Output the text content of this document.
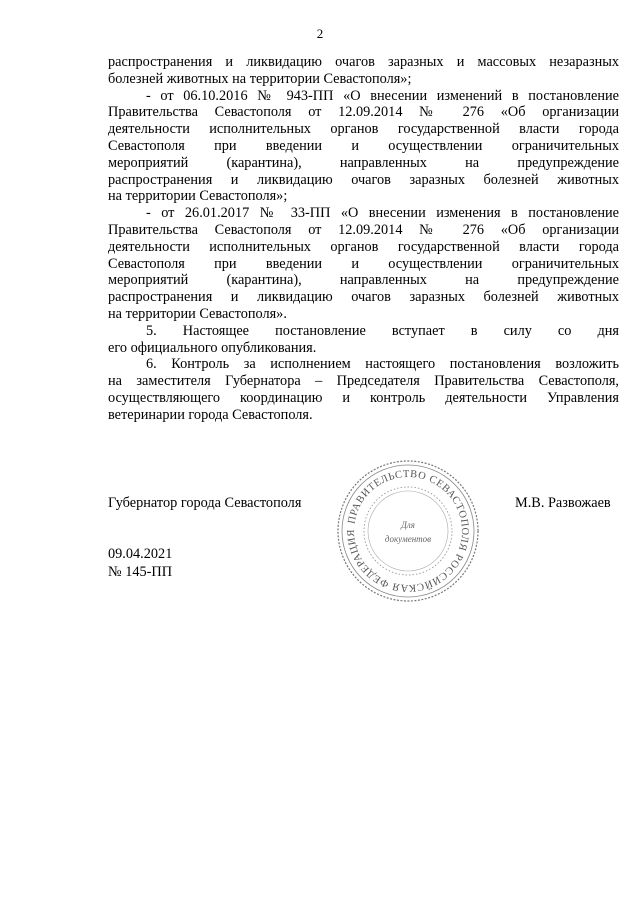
2
распространения и ликвидацию очагов заразных и массовых незаразных
болезней животных на территории Севастополя»;
- от 06.10.2016 № 943-ПП «О внесении изменений в постановление
Правительства Севастополя от 12.09.2014 № 276 «Об организации
деятельности исполнительных органов государственной власти города
Севастополя при введении и осуществлении ограничительных
мероприятий (карантина), направленных на предупреждение
распространения и ликвидацию очагов заразных болезней животных
на территории Севастополя»;
- от 26.01.2017 № 33-ПП «О внесении изменения в постановление
Правительства Севастополя от 12.09.2014 № 276 «Об организации
деятельности исполнительных органов государственной власти города
Севастополя при введении и осуществлении ограничительных
мероприятий (карантина), направленных на предупреждение
распространения и ликвидацию очагов заразных болезней животных
на территории Севастополя».
5. Настоящее постановление вступает в силу со дня
его официального опубликования.
6. Контроль за исполнением настоящего постановления возложить
на заместителя Губернатора – Председателя Правительства Севастополя,
осуществляющего координацию и контроль деятельности Управления
ветеринарии города Севастополя.
Губернатор города Севастополя
ПРАВИТЕЛЬСТВО СЕВАСТОПОЛЯ РОССИЙСКАЯ ФЕДЕРАЦИЯ
Для
документов
М.В. Развожаев
09.04.2021
№ 145-ПП
